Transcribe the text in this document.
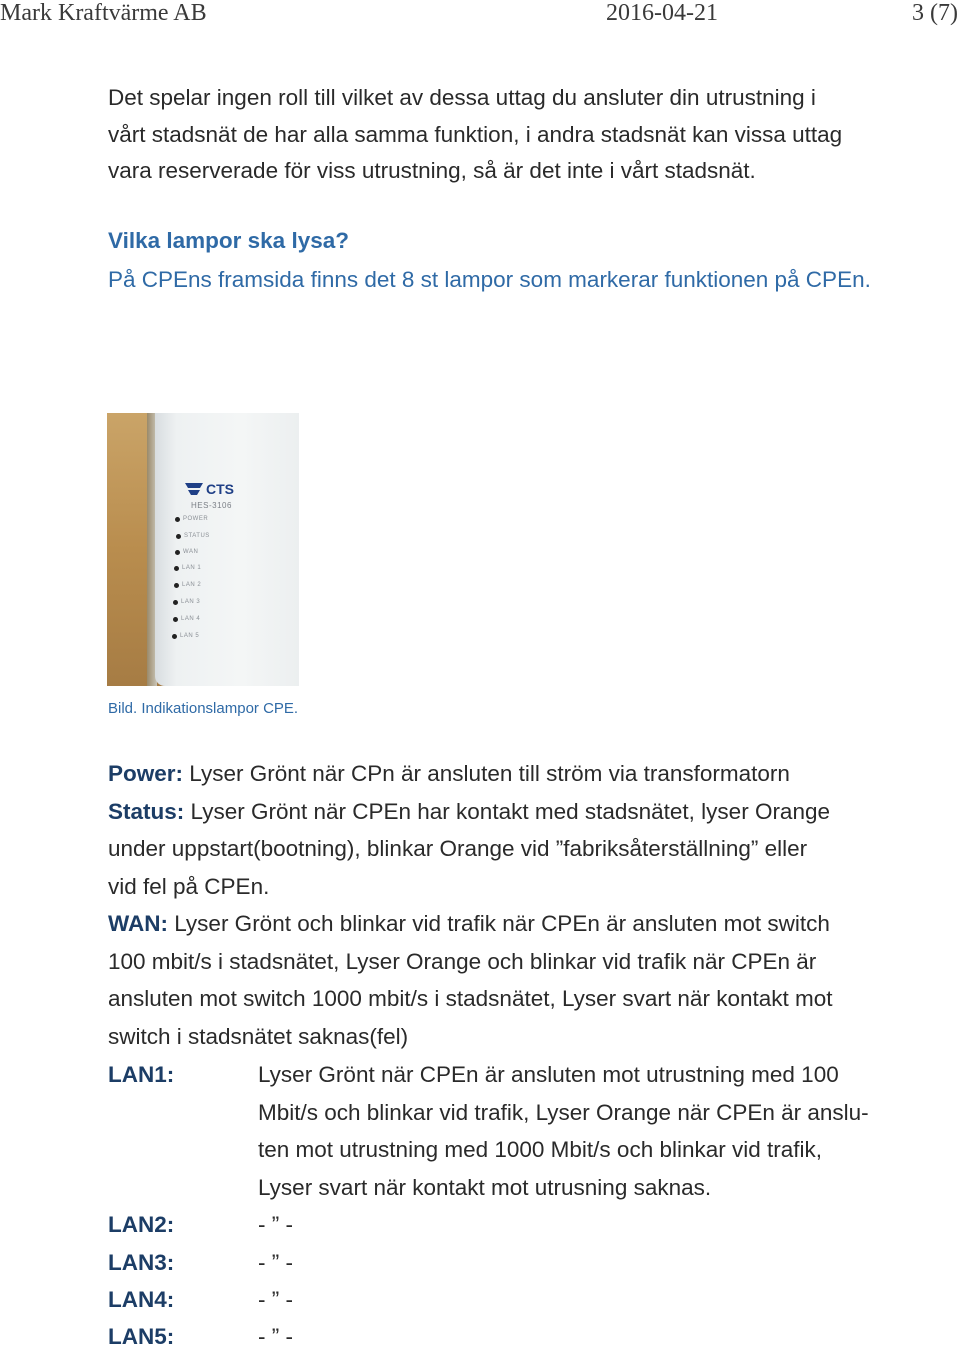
Mark Kraftvärme AB	2016-04-21	3 (7)
Det spelar ingen roll till vilket av dessa uttag du ansluter din utrustning i
vårt stadsnät de har alla samma funktion, i andra stadsnät kan vissa uttag
vara reserverade för viss utrustning, så är det inte i vårt stadsnät.
Vilka lampor ska lysa?
På CPEns framsida finns det 8 st lampor som markerar funktionen på CPEn.
CTS
HES-3106
POWER
STATUS
WAN
LAN 1
LAN 2
LAN 3
LAN 4
LAN 5
Bild. Indikationslampor CPE.
Power: Lyser Grönt när CPn är ansluten till ström via transformatorn
Status: Lyser Grönt när CPEn har kontakt med stadsnätet, lyser Orange
under uppstart(bootning), blinkar Orange vid ”fabriksåterställning” eller
vid fel på CPEn.
WAN: Lyser Grönt och blinkar vid trafik när CPEn är ansluten mot switch
100 mbit/s i stadsnätet, Lyser Orange och blinkar vid trafik när CPEn är
ansluten mot switch 1000 mbit/s i stadsnätet, Lyser svart när kontakt mot
switch i stadsnätet saknas(fel)
LAN1:	Lyser Grönt när CPEn är ansluten mot utrustning med 100
Mbit/s och blinkar vid trafik, Lyser Orange när CPEn är anslu-
ten mot utrustning med 1000 Mbit/s och blinkar vid trafik,
Lyser svart när kontakt mot utrusning saknas.
LAN2:	- ” -
LAN3:	- ” -
LAN4:	- ” -
LAN5:	- ” -
